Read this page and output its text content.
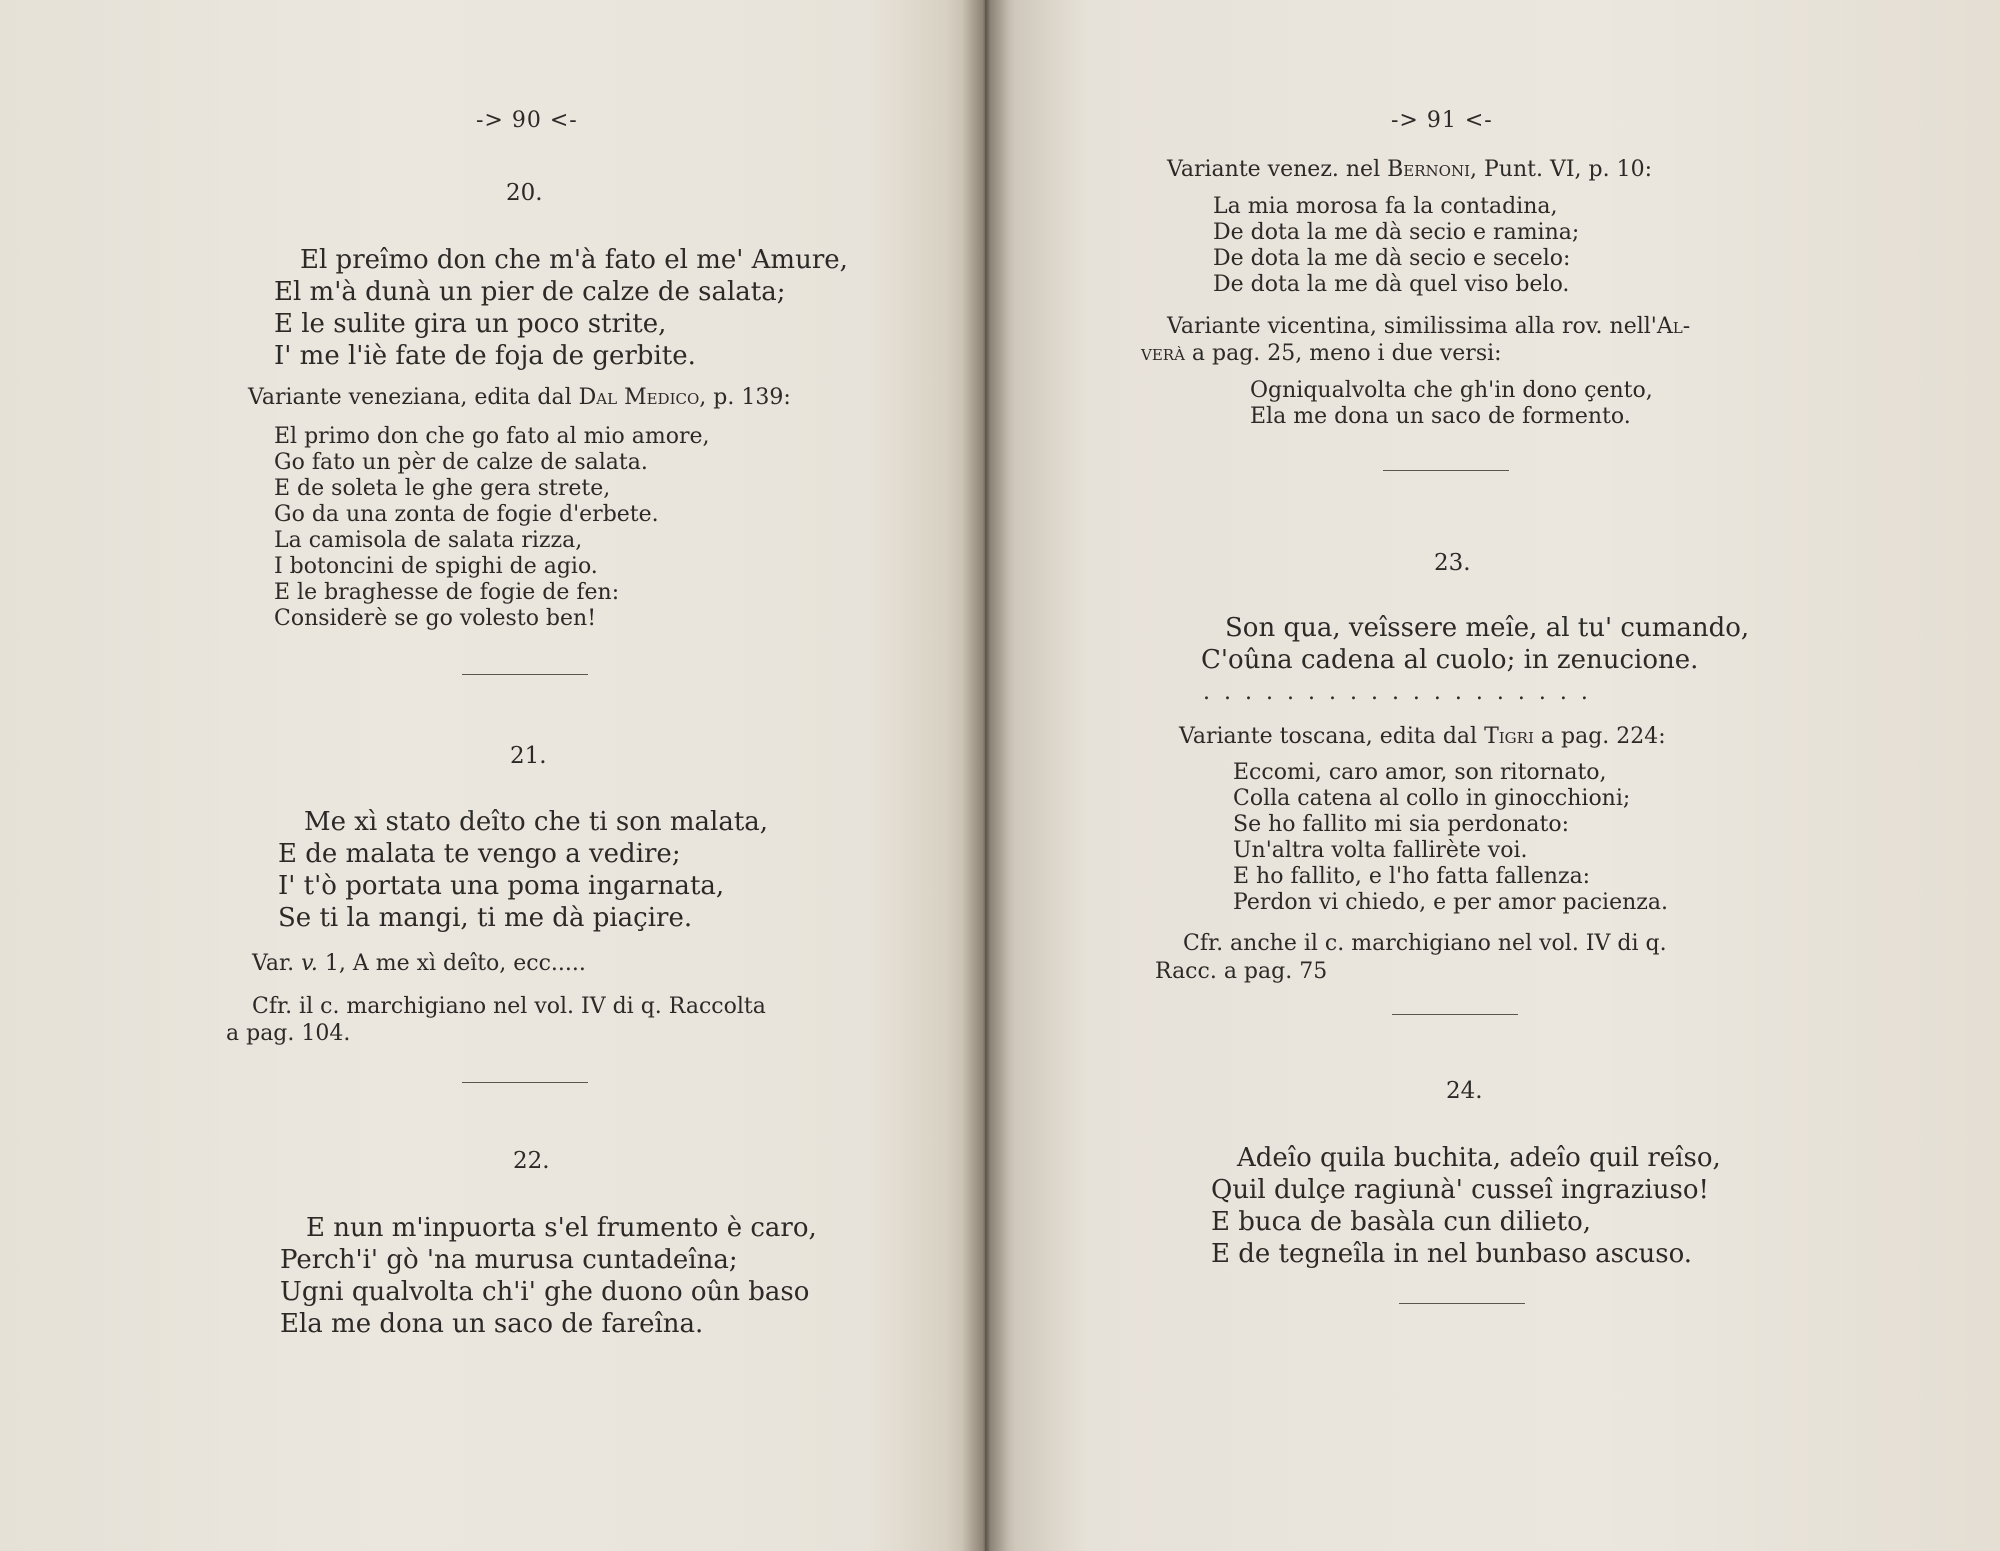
-> 90 <-
20.
El preîmo don che m'à fato el me' Amure,
El m'à dunà un pier de calze de salata;
E le sulite gira un poco strite,
I' me l'iè fate de foja de gerbite.
Variante veneziana, edita dal Dal Medico, p. 139:
El primo don che go fato al mio amore,
Go fato un pèr de calze de salata.
E de soleta le ghe gera strete,
Go da una zonta de fogie d'erbete.
La camisola de salata rizza,
I botoncini de spighi de agio.
E le braghesse de fogie de fen:
Considerè se go volesto ben!
21.
Me xì stato deîto che ti son malata,
E de malata te vengo a vedire;
I' t'ò portata una poma ingarnata,
Se ti la mangi, ti me dà piaçire.
Var. v. 1, A me xì deîto, ecc.....
Cfr. il c. marchigiano nel vol. IV di q. Raccolta
a pag. 104.
22.
E nun m'inpuorta s'el frumento è caro,
Perch'i' gò 'na murusa cuntadeîna;
Ugni qualvolta ch'i' ghe duono oûn baso
Ela me dona un saco de fareîna.
-> 91 <-
Variante venez. nel Bernoni, Punt. VI, p. 10:
La mia morosa fa la contadina,
De dota la me dà secio e ramina;
De dota la me dà secio e secelo:
De dota la me dà quel viso belo.
Variante vicentina, similissima alla rov. nell'Al-
verà a pag. 25, meno i due versi:
Ogniqualvolta che gh'in dono çento,
Ela me dona un saco de formento.
23.
Son qua, veîssere meîe, al tu' cumando,
C'oûna cadena al cuolo; in zenucione.
...................
Variante toscana, edita dal Tigri a pag. 224:
Eccomi, caro amor, son ritornato,
Colla catena al collo in ginocchioni;
Se ho fallito mi sia perdonato:
Un'altra volta fallirète voi.
E ho fallito, e l'ho fatta fallenza:
Perdon vi chiedo, e per amor pacienza.
Cfr. anche il c. marchigiano nel vol. IV di q.
Racc. a pag. 75
24.
Adeîo quila buchita, adeîo quil reîso,
Quil dulçe ragiunà' cusseî ingraziuso!
E buca de basàla cun dilieto,
E de tegneîla in nel bunbaso ascuso.
